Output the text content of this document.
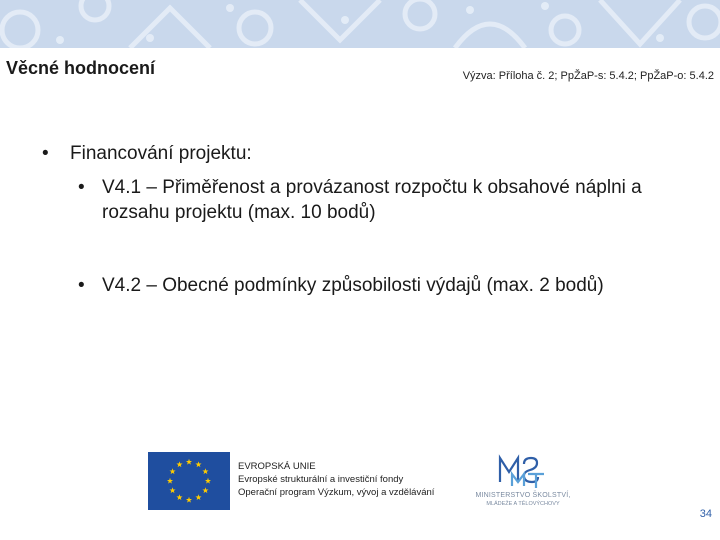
Věcné hodnocení	Výzva: Příloha č. 2; PpŽaP-s: 5.4.2; PpŽaP-o: 5.4.2
•	Financování projektu:
• V4.1 – Přiměřenost a provázanost rozpočtu k obsahové náplni a rozsahu projektu (max. 10 bodů)
• V4.2 – Obecné podmínky způsobilosti výdajů (max. 2 bodů)
EVROPSKÁ UNIE
Evropské strukturální a investiční fondy
Operační program Výzkum, vývoj a vzdělávání	MINISTERSTVO ŠKOLSTVÍ,
MLÁDEŽE A TĚLOVÝCHOVY
34
